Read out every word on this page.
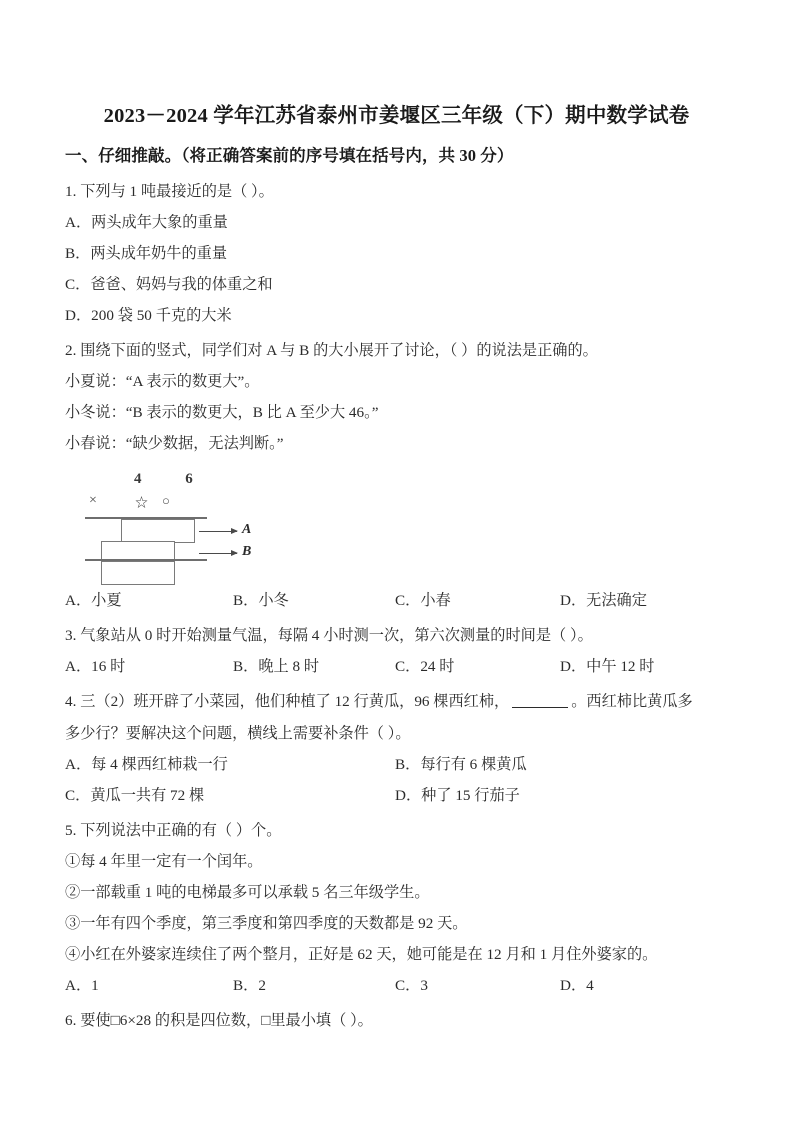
2023－2024 学年江苏省泰州市姜堰区三年级（下）期中数学试卷
一、仔细推敲。（将正确答案前的序号填在括号内，共 30 分）

1. 下列与 1 吨最接近的是（ ）。

A．两头成年大象的重量
B．两头成年奶牛的重量
C．爸爸、妈妈与我的体重之和
D．200 袋 50 千克的大米

2. 围绕下面的竖式，同学们对 A 与 B 的大小展开了讨论，（ ）的说法是正确的。

小夏说：“A 表示的数更大”。
小冬说：“B 表示的数更大，B 比 A 至少大 46。”
小春说：“缺少数据，无法判断。”
4 6
×	☆ ○
A
B
A．小夏	B．小冬	C．小春	D．无法确定

3. 气象站从 0 时开始测量气温，每隔 4 小时测一次，第六次测量的时间是（ ）。

A．16 时	B．晚上 8 时	C．24 时	D．中午 12 时

4. 三（2）班开辟了小菜园，他们种植了 12 行黄瓜，96 棵西红柿，	。西红柿比黄瓜多

多少行？要解决这个问题，横线上需要补条件（ ）。

A．每 4 棵西红柿栽一行	B．每行有 6 棵黄瓜
C．黄瓜一共有 72 棵	D．种了 15 行茄子

5. 下列说法中正确的有（ ）个。

①每 4 年里一定有一个闰年。
②一部载重 1 吨的电梯最多可以承载 5 名三年级学生。
③一年有四个季度，第三季度和第四季度的天数都是 92 天。
④小红在外婆家连续住了两个整月，正好是 62 天，她可能是在 12 月和 1 月住外婆家的。
A．1	B．2	C．3	D．4

6. 要使□6×28 的积是四位数，□里最小填（ ）。
